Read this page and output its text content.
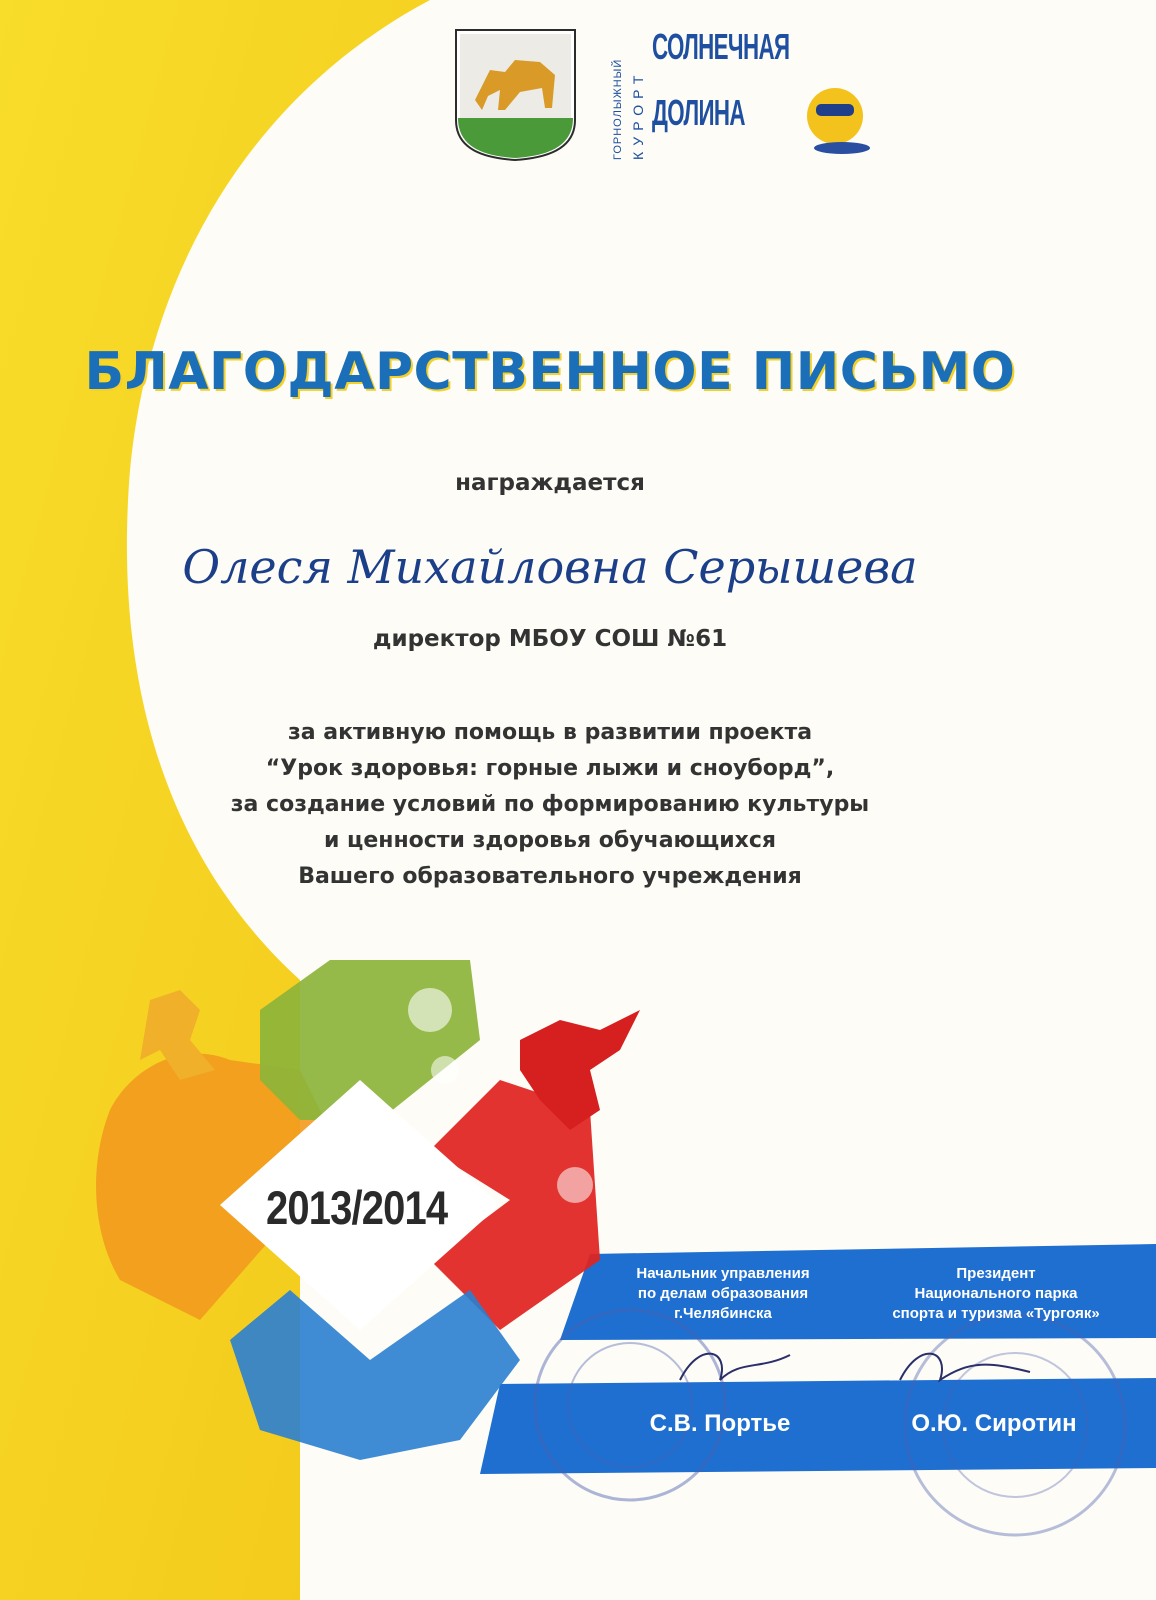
ГОРНОЛЫЖНЫЙ КУРОРТ
СОЛНЕЧНАЯ
ДОЛИНА
БЛАГОДАРСТВЕННОЕ ПИСЬМО
награждается
Олеся Михайловна Серышева
директор МБОУ СОШ №61
за активную помощь в развитии проекта
“Урок здоровья: горные лыжи и сноуборд”,
за создание условий по формированию культуры
и ценности здоровья обучающихся
Вашего образовательного учреждения
2013/2014
Начальник управления
по делам образования
г.Челябинска
С.В. Портье
Президент
Национального парка
спорта и туризма «Тургояк»
О.Ю. Сиротин
